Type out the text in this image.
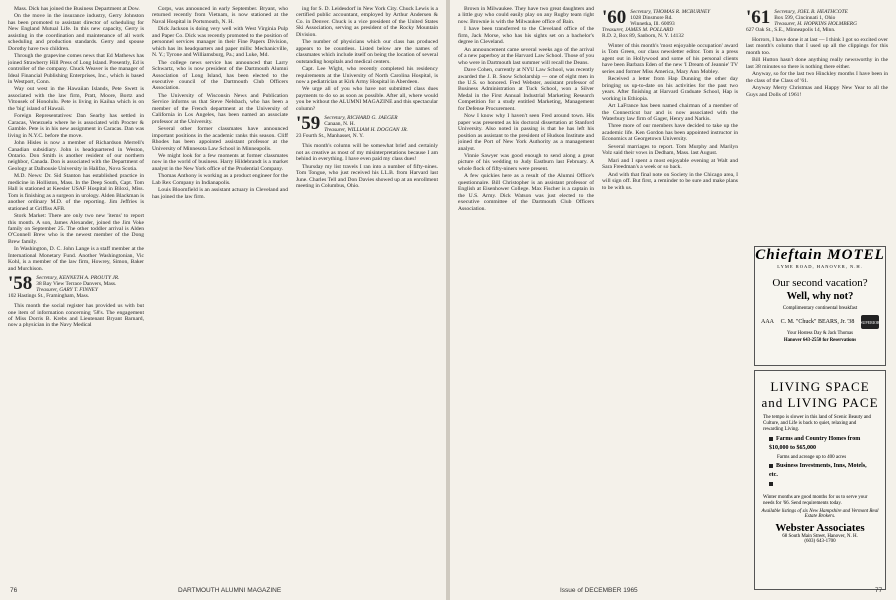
Mass. Dick has joined the Business Department at Dow.

On the move in the insurance industry, Gerry Johnston has been promoted to assistant director of scheduling for New England Mutual Life. In this new capacity, Gerry is assisting in the coordination and maintenance of all work scheduling and production standards. Gerry and spouse Dorothy have two children.

Through the grapevine comes news that Ed Mathews has joined Strawberry Hill Press of Long Island. Presently, Ed is controller of the company. Chuck Weaver is the manager of Ideal Financial Publishing Enterprises, Inc., which is based in Westport, Conn.

Way out west in the Hawaiian Islands, Pete Swett is associated with the law firm, Pratt, Moore, Bortz and Vitousek of Honolulu. Pete is living in Kailua which is on the 'big' island of Hawaii.

Foreign Representatives: Dan Searby has settled in Caracas, Venezuela where he is associated with Procter & Gamble. Pete is in his new assignment in Caracas. Dan was living in N.Y.C. before the move.

John Hisles is now a member of Richardson Merrell's Canadian subsidiary. John is headquartered in Weston, Ontario. Don Smith is another resident of our northern neighbor, Canada. Don is associated with the Department of Geology at Dalhousie University in Halifax, Nova Scotia.

M.D. News: Dr. Sid Stanton has established practice in medicine in Holliston, Mass. In the Deep South, Capt. Tom Hall is stationed at Keesler USAF Hospital in Biloxi, Miss. Tom is finishing as a surgeon in urology. Alden Blackman is another ordinary M.D. of the reporting. Jim Jeffries is stationed at Griffiss AFB.

Stork Market: There are only two new 'items' to report this month. A son, James Alexander, joined the Jim Voke family on September 25. The other toddler arrival is Alden O'Connell Brew who is the newest member of the Dong Brew family.

In Washington, D. C. John Lange is a staff member at the International Monetary Fund. Another Washingtonian, Vic Kohl, is a member of the law firm, Howrey, Simon, Baker and Murchison.

'58 Secretary, KENNETH A. PROUTY JR.
38 Bay View Terrace Danvers, Mass.
Treasurer, GARY T. FINNEY
102 Hastings St., Framingham, Mass.

This month the social register has provided us with but one item of information concerning '58's. The engagement of Miss Dorris B. Krebs and Lieutenant Bryant Barnard, now a physician in the Navy Medical

Corps, was announced in early September. Bryant, who returned recently from Vietnam, is now stationed at the Naval Hospital in Portsmouth, N. H.

Dick Jackson is doing very well with West Virginia Pulp and Paper Co. Dick was recently promoted to the position of personnel services manager in their Fine Papers Division, which has its headquarters and paper mills: Mechanicville, N. Y.; Tyrone and Williamsburg, Pa.; and Luke, Md.

The college news service has announced that Larry Schwartz, who is now president of the Dartmouth Alumni Association of Long Island, has been elected to the executive council of the Dartmouth Club Officers Association.

The University of Wisconsin News and Publication Service informs us that Steve Nelsbach, who has been a member of the French department at the University of California in Los Angeles, has been named an associate professor at the University.

Several other former classmates have announced important positions in the academic ranks this season. Cliff Rhodes has been appointed assistant professor at the University of Minnesota Law School in Minneapolis.

We might look for a few moments at former classmates now in the world of business. Harry Hildebrandt is a market analyst in the New York office of the Prudential Company.

Thomas Anthony is working as a product engineer for the Lab Rex Company in Indianapolis.

Louis Bloomfield is an assistant actuary in Cleveland and has joined the law firm.

ing for S. D. Leidesdorf in New York City. Chuck Lewis is a certified public accountant, employed by Arthur Andersen & Co. in Denver. Chuck is a vice president of the United States Ski Association, serving as president of the Rocky Mountain Division.

The number of physicians which our class has produced appears to be countless. Listed below are the names of classmates which include itself on being the location of several outstanding hospitals and medical centers.

Capt. Lee Wight, who recently completed his residency requirements at the University of North Carolina Hospital, is now a pediatrician at Kirk Army Hospital in Aberdeen.

We urge all of you who have not submitted class dues payments to do so as soon as possible. After all, where would you be without the ALUMNI MAGAZINE and this spectacular column?

'59 Secretary, RICHARD G. JAEGER
Canaan, N. H.
Treasurer, WILLIAM H. DOGGAN JR.
23 Fourth St., Manhasset, N. Y.

This month's column will be somewhat brief and certainly not as creative as most of my misinterpretations because I am behind in everything. I have even paid my class dues!

Thursday my list travels I ran into a number of fifty-nines. Tom Tongue, who just received his LL.B. from Harvard last June. Charles Tell and Don Davies showed up at an enrollment meeting in Columbus, Ohio.

76	DARTMOUTH ALUMNI MAGAZINE

Brown in Milwaukee. They have two great daughters and a little guy who could easily play on any Rugby team right now. Brownie is with the Milwaukee office of Bain.

I have been transferred to the Cleveland office of the firm, Jack Morse, who has his sights set on a bachelor's degree in Cleveland.

An announcement came several weeks ago of the arrival of a new paperboy at the Harvard Law School. Those of you who were in Dartmouth last summer will recall the Deans.

Dave Cohen, currently at NYU Law School, was recently awarded the J. B. Snow Scholarship — one of eight men in the U.S. so honored. Fred Webster, assistant professor of Business Administration at Tuck School, won a Silver Medal in the First Annual Industrial Marketing Research Competition for a study entitled Marketing, Management for Defense Procurement.

Now I know why I haven't seen Fred around town. His paper was presented as his doctoral dissertation at Stanford University. Also noted in passing is that he has left his position as assistant to the president of Hudson Institute and joined the Port of New York Authority as a management analyst.

Vinnie Sawyer was good enough to send along a great picture of his wedding to Judy Eastburn last February. A whole flock of fifty-niners were present.

A few quickies here as a result of the Alumni Office's questionnaire. Bill Christopher is an assistant professor of English at Eisenhower College. Max Fischer is a captain in the U.S. Army. Dick Watson was just elected to the executive committee of the Dartmouth Club Officers Association.

'60 Secretary, THOMAS R. MCBURNEY
1028 Dinsmore Rd.
Winnetka, Ill. 60093
Treasurer, JAMES M. POLLARD
R.D. 2, Box 89, Sanborn, N. Y. 14132

Winter of this month's 'most enjoyable occupation' award is Tom Green, our class newsletter editor. Tom is a press agent out in Hollywood and some of his personal clients have been Barbara Eden of the new 'I Dream of Jeannie' TV series and former Miss America, Mary Ann Mobley.

Received a letter from Hap Dunning the other day bringing us up-to-date on his activities for the past two years. After finishing at Harvard Graduate School, Hap is working in Ethiopia.

Art LaFrance has been named chairman of a member of the Connecticut bar and is now associated with the Waterbury law firm of Gager, Henry and Narkis.

Three more of our members have decided to take up the academic life. Ken Gordon has been appointed instructor in Economics at Georgetown University.

Several marriages to report. Tom Murphy and Marilyn Volz said their vows in Dedham, Mass. last August.

Mari and I spent a most enjoyable evening at Walt and Sara Freedman's a week or so back.

And with that final note on Society in the Chicago area, I will sign off. But first, a reminder to be sure and make plans to be with us.

'61 Secretary, JOEL B. HEATHCOTE
Box 599, Cincinnati 1, Ohio
Treasurer, H. HOPKINS HOLMBERG
627 Oak St., S.E., Minneapolis 14, Minn.

Horrors, I have done it at last — I think I got so excited over last month's column that I used up all the clippings for this month too.

Bill Hutton hasn't done anything really newsworthy in the last 38 minutes so there is nothing there either.

Anyway, so for the last two Hinckley months I have been in the class of the Class of '61.

Anyway Merry Christmas and Happy New Year to all the Guys and Dolls of 1961!

Chieftain MOTEL
LYME ROAD, HANOVER, N.H.
Our second vacation?
Well, why not?
Complimentary continental breakfast
AAA C. M. "Chuck" BEARS, Jr. '38 SUPERIOR
Your Hostess Day & Jack Thomas
Hanover 643-2550 for Reservations
LIVING SPACE
and LIVING PACE
The tempo is slower in this land of Scenic Beauty and Culture, and Life is back to quiet, relaxing and rewarding Living.
Farms and Country Homes from $10,000 to $65,000
Farms and acreage up to 400 acres
Business Investments, Inns, Motels, etc.
Winter months are good months for us to serve your needs for '66. Send requirements today.
Available listings of six New Hampshire and Vermont Real Estate Brokers.
Webster Associates
68 South Main Street, Hanover, N. H.
(603) 643-1700
Issue of DECEMBER 1965	77
